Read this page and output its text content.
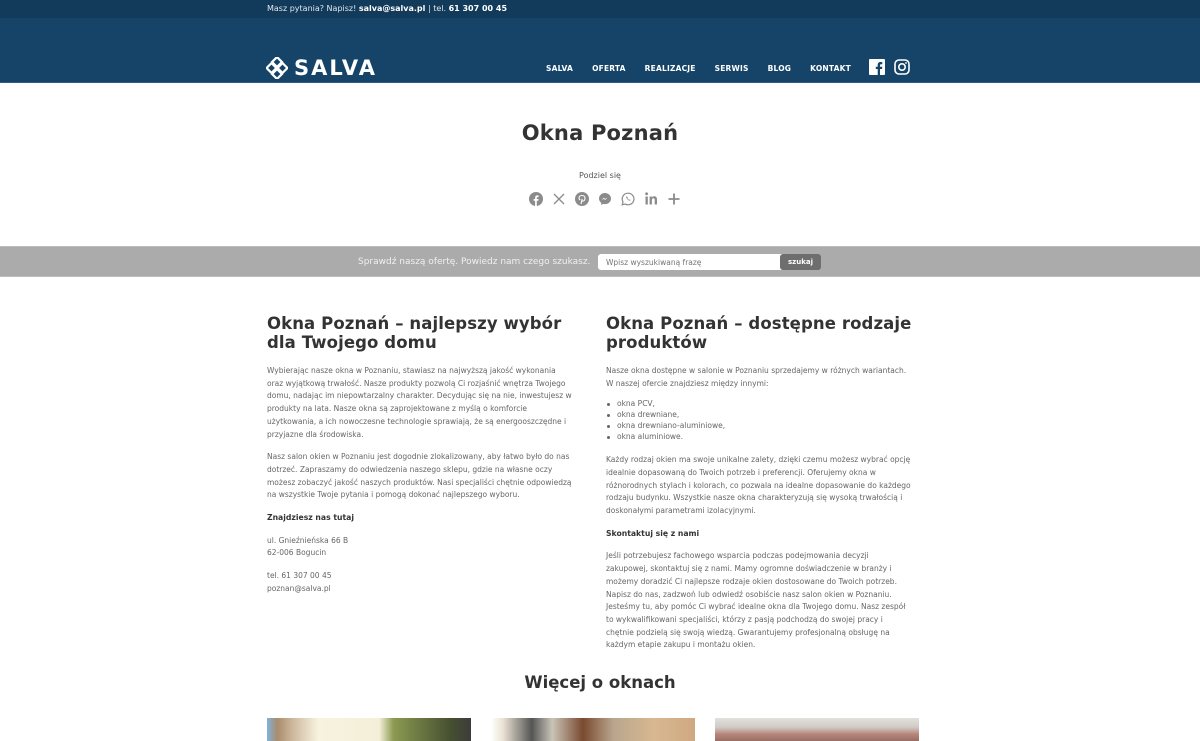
Masz pytania? Napisz! salva@salva.pl | tel. 61 307 00 45
SALVA	SALVA	OFERTA	REALIZACJE	SERWIS	BLOG	KONTAKT
Okna Poznań
Podziel się
Sprawdź naszą ofertę. Powiedz nam czego szukasz.
Wpisz wyszukiwaną frazę	szukaj
Okna Poznań – najlepszy wybór dla Twojego domu

Wybierając nasze okna w Poznaniu, stawiasz na najwyższą jakość wykonania oraz wyjątkową trwałość. Nasze produkty pozwolą Ci rozjaśnić wnętrza Twojego domu, nadając im niepowtarzalny charakter. Decydując się na nie, inwestujesz w produkty na lata. Nasze okna są zaprojektowane z myślą o komforcie użytkowania, a ich nowoczesne technologie sprawiają, że są energooszczędne i przyjazne dla środowiska.

Nasz salon okien w Poznaniu jest dogodnie zlokalizowany, aby łatwo było do nas dotrzeć. Zapraszamy do odwiedzenia naszego sklepu, gdzie na własne oczy możesz zobaczyć jakość naszych produktów. Nasi specjaliści chętnie odpowiedzą na wszystkie Twoje pytania i pomogą dokonać najlepszego wyboru.

Znajdziesz nas tutaj

ul. Gnieźnieńska 66 B
62-006 Bogucin

tel. 61 307 00 45
poznan@salva.pl

Okna Poznań – dostępne rodzaje produktów

Nasze okna dostępne w salonie w Poznaniu sprzedajemy w różnych wariantach. W naszej ofercie znajdziesz między innymi:

okna PCV,
okna drewniane,
okna drewniano-aluminiowe,
okna aluminiowe.

Każdy rodzaj okien ma swoje unikalne zalety, dzięki czemu możesz wybrać opcję idealnie dopasowaną do Twoich potrzeb i preferencji. Oferujemy okna w różnorodnych stylach i kolorach, co pozwala na idealne dopasowanie do każdego rodzaju budynku. Wszystkie nasze okna charakteryzują się wysoką trwałością i doskonałymi parametrami izolacyjnymi.

Skontaktuj się z nami

Jeśli potrzebujesz fachowego wsparcia podczas podejmowania decyzji zakupowej, skontaktuj się z nami. Mamy ogromne doświadczenie w branży i możemy doradzić Ci najlepsze rodzaje okien dostosowane do Twoich potrzeb. Napisz do nas, zadzwoń lub odwiedź osobiście nasz salon okien w Poznaniu. Jesteśmy tu, aby pomóc Ci wybrać idealne okna dla Twojego domu. Nasz zespół to wykwalifikowani specjaliści, którzy z pasją podchodzą do swojej pracy i chętnie podzielą się swoją wiedzą. Gwarantujemy profesjonalną obsługę na każdym etapie zakupu i montażu okien.

Więcej o oknach
